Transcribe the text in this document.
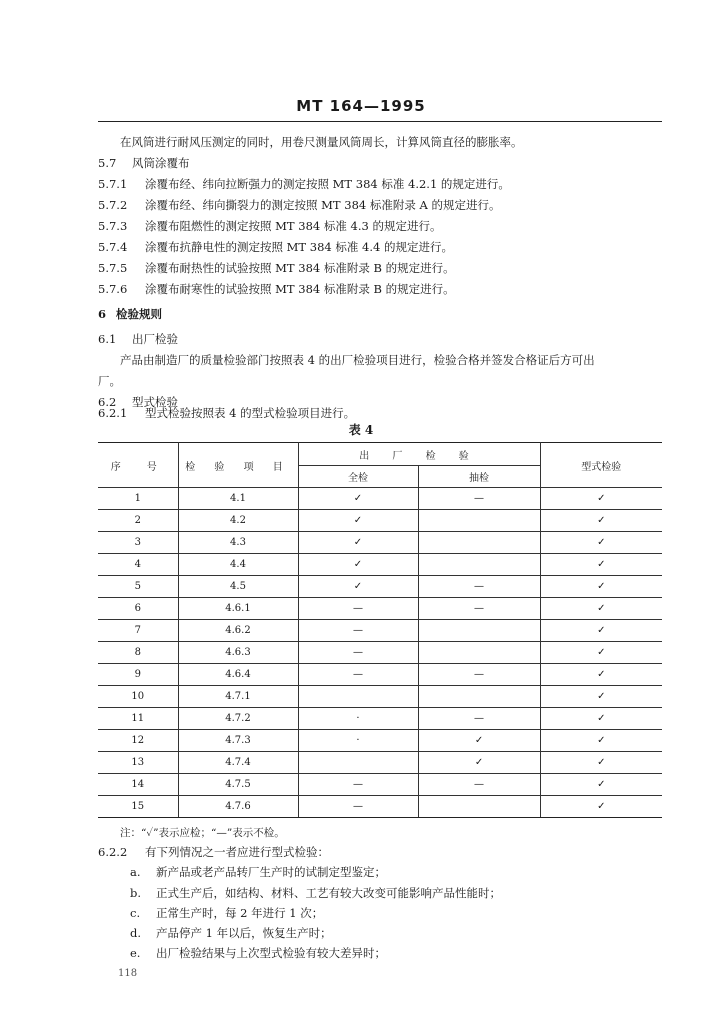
MT 164—1995
在风筒进行耐风压测定的同时，用卷尺测量风筒周长，计算风筒直径的膨胀率。
5.7 风筒涂覆布
5.7.1 涂覆布经、纬向拉断强力的测定按照 MT 384 标准 4.2.1 的规定进行。
5.7.2 涂覆布经、纬向撕裂力的测定按照 MT 384 标准附录 A 的规定进行。
5.7.3 涂覆布阻燃性的测定按照 MT 384 标准 4.3 的规定进行。
5.7.4 涂覆布抗静电性的测定按照 MT 384 标准 4.4 的规定进行。
5.7.5 涂覆布耐热性的试验按照 MT 384 标准附录 B 的规定进行。
5.7.6 涂覆布耐寒性的试验按照 MT 384 标准附录 B 的规定进行。
6 检验规则
6.1 出厂检验
产品由制造厂的质量检验部门按照表 4 的出厂检验项目进行，检验合格并签发合格证后方可出
厂。
6.2 型式检验
6.2.1 型式检验按照表 4 的型式检验项目进行。
表 4
序　号	检 验 项 目	出 厂 检 验		型式检验
		全检	抽检	
1	4.1	✓	—	✓
2	4.2	✓		✓
3	4.3	✓		✓
4	4.4	✓		✓
5	4.5	✓	—	✓
6	4.6.1	—	—	✓
7	4.6.2	—		✓
8	4.6.3	—		✓
9	4.6.4	—	—	✓
10	4.7.1			✓
11	4.7.2	·	—	✓
12	4.7.3	·	✓	✓
13	4.7.4		✓	✓
14	4.7.5	—	—	✓
15	4.7.6	—		✓
注：“✓”表示应检；“—”表示不检。
6.2.2 有下列情况之一者应进行型式检验：
a. 新产品或老产品转厂生产时的试制定型鉴定；
b. 正式生产后，如结构、材料、工艺有较大改变可能影响产品性能时；
c. 正常生产时，每 2 年进行 1 次；
d. 产品停产 1 年以后，恢复生产时；
e. 出厂检验结果与上次型式检验有较大差异时；
118
